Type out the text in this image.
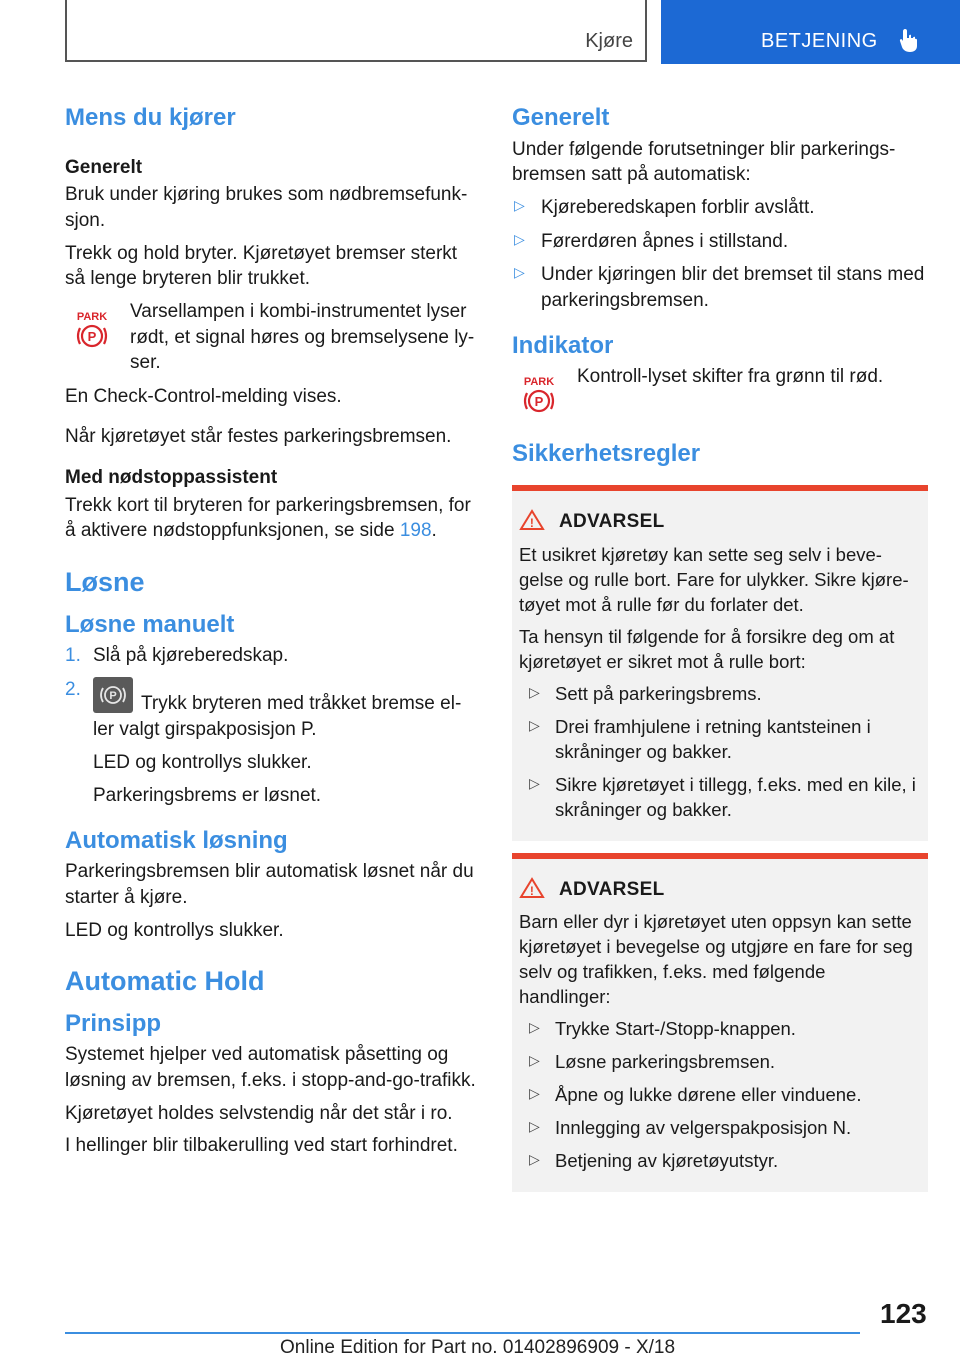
Kjøre	BETJENING
Mens du kjører
Generelt

Bruk under kjøring brukes som nødbremsefunk-sjon.

Trekk og hold bryter. Kjøretøyet bremser sterkt så lenge bryteren blir trukket.

PARK
P
Varsellampen i kombi-instrumentet lyser rødt, et signal høres og bremselysene ly-ser.

En Check-Control-melding vises.

Når kjøretøyet står festes parkeringsbremsen.

Med nødstoppassistent

Trekk kort til bryteren for parkeringsbremsen, for å aktivere nødstoppfunksjonen, se side 198.

Løsne
Løsne manuelt
1. Slå på kjøreberedskap.
2.	P Trykk bryteren med tråkket bremse el-ler valgt girspakposisjon P.
LED og kontrollys slukker.
Parkeringsbrems er løsnet.
Automatisk løsning

Parkeringsbremsen blir automatisk løsnet når du starter å kjøre.

LED og kontrollys slukker.

Automatic Hold
Prinsipp

Systemet hjelper ved automatisk påsetting og løsning av bremsen, f.eks. i stopp-and-go-trafikk.

Kjøretøyet holdes selvstendig når det står i ro.

I hellinger blir tilbakerulling ved start forhindret.

Generelt

Under følgende forutsetninger blir parkerings-bremsen satt på automatisk:

▷ Kjøreberedskapen forblir avslått.
▷ Førerdøren åpnes i stillstand.
▷ Under kjøringen blir det bremset til stans med parkeringsbremsen.
Indikator
PARK
P
Kontroll-lyset skifter fra grønn til rød.
Sikkerhetsregler
! ADVARSEL

Et usikret kjøretøy kan sette seg selv i beve-gelse og rulle bort. Fare for ulykker. Sikre kjøre-tøyet mot å rulle før du forlater det.

Ta hensyn til følgende for å forsikre deg om at kjøretøyet er sikret mot å rulle bort:

▷ Sett på parkeringsbrems.
▷ Drei framhjulene i retning kantsteinen i skråninger og bakker.
▷ Sikre kjøretøyet i tillegg, f.eks. med en kile, i skråninger og bakker.
! ADVARSEL

Barn eller dyr i kjøretøyet uten oppsyn kan sette kjøretøyet i bevegelse og utgjøre en fare for seg selv og trafikken, f.eks. med følgende handlinger:

▷ Trykke Start-/Stopp-knappen.
▷ Løsne parkeringsbremsen.
▷ Åpne og lukke dørene eller vinduene.
▷ Innlegging av velgerspakposisjon N.
▷ Betjening av kjøretøyutstyr.
123
Online Edition for Part no. 01402896909 - X/18
